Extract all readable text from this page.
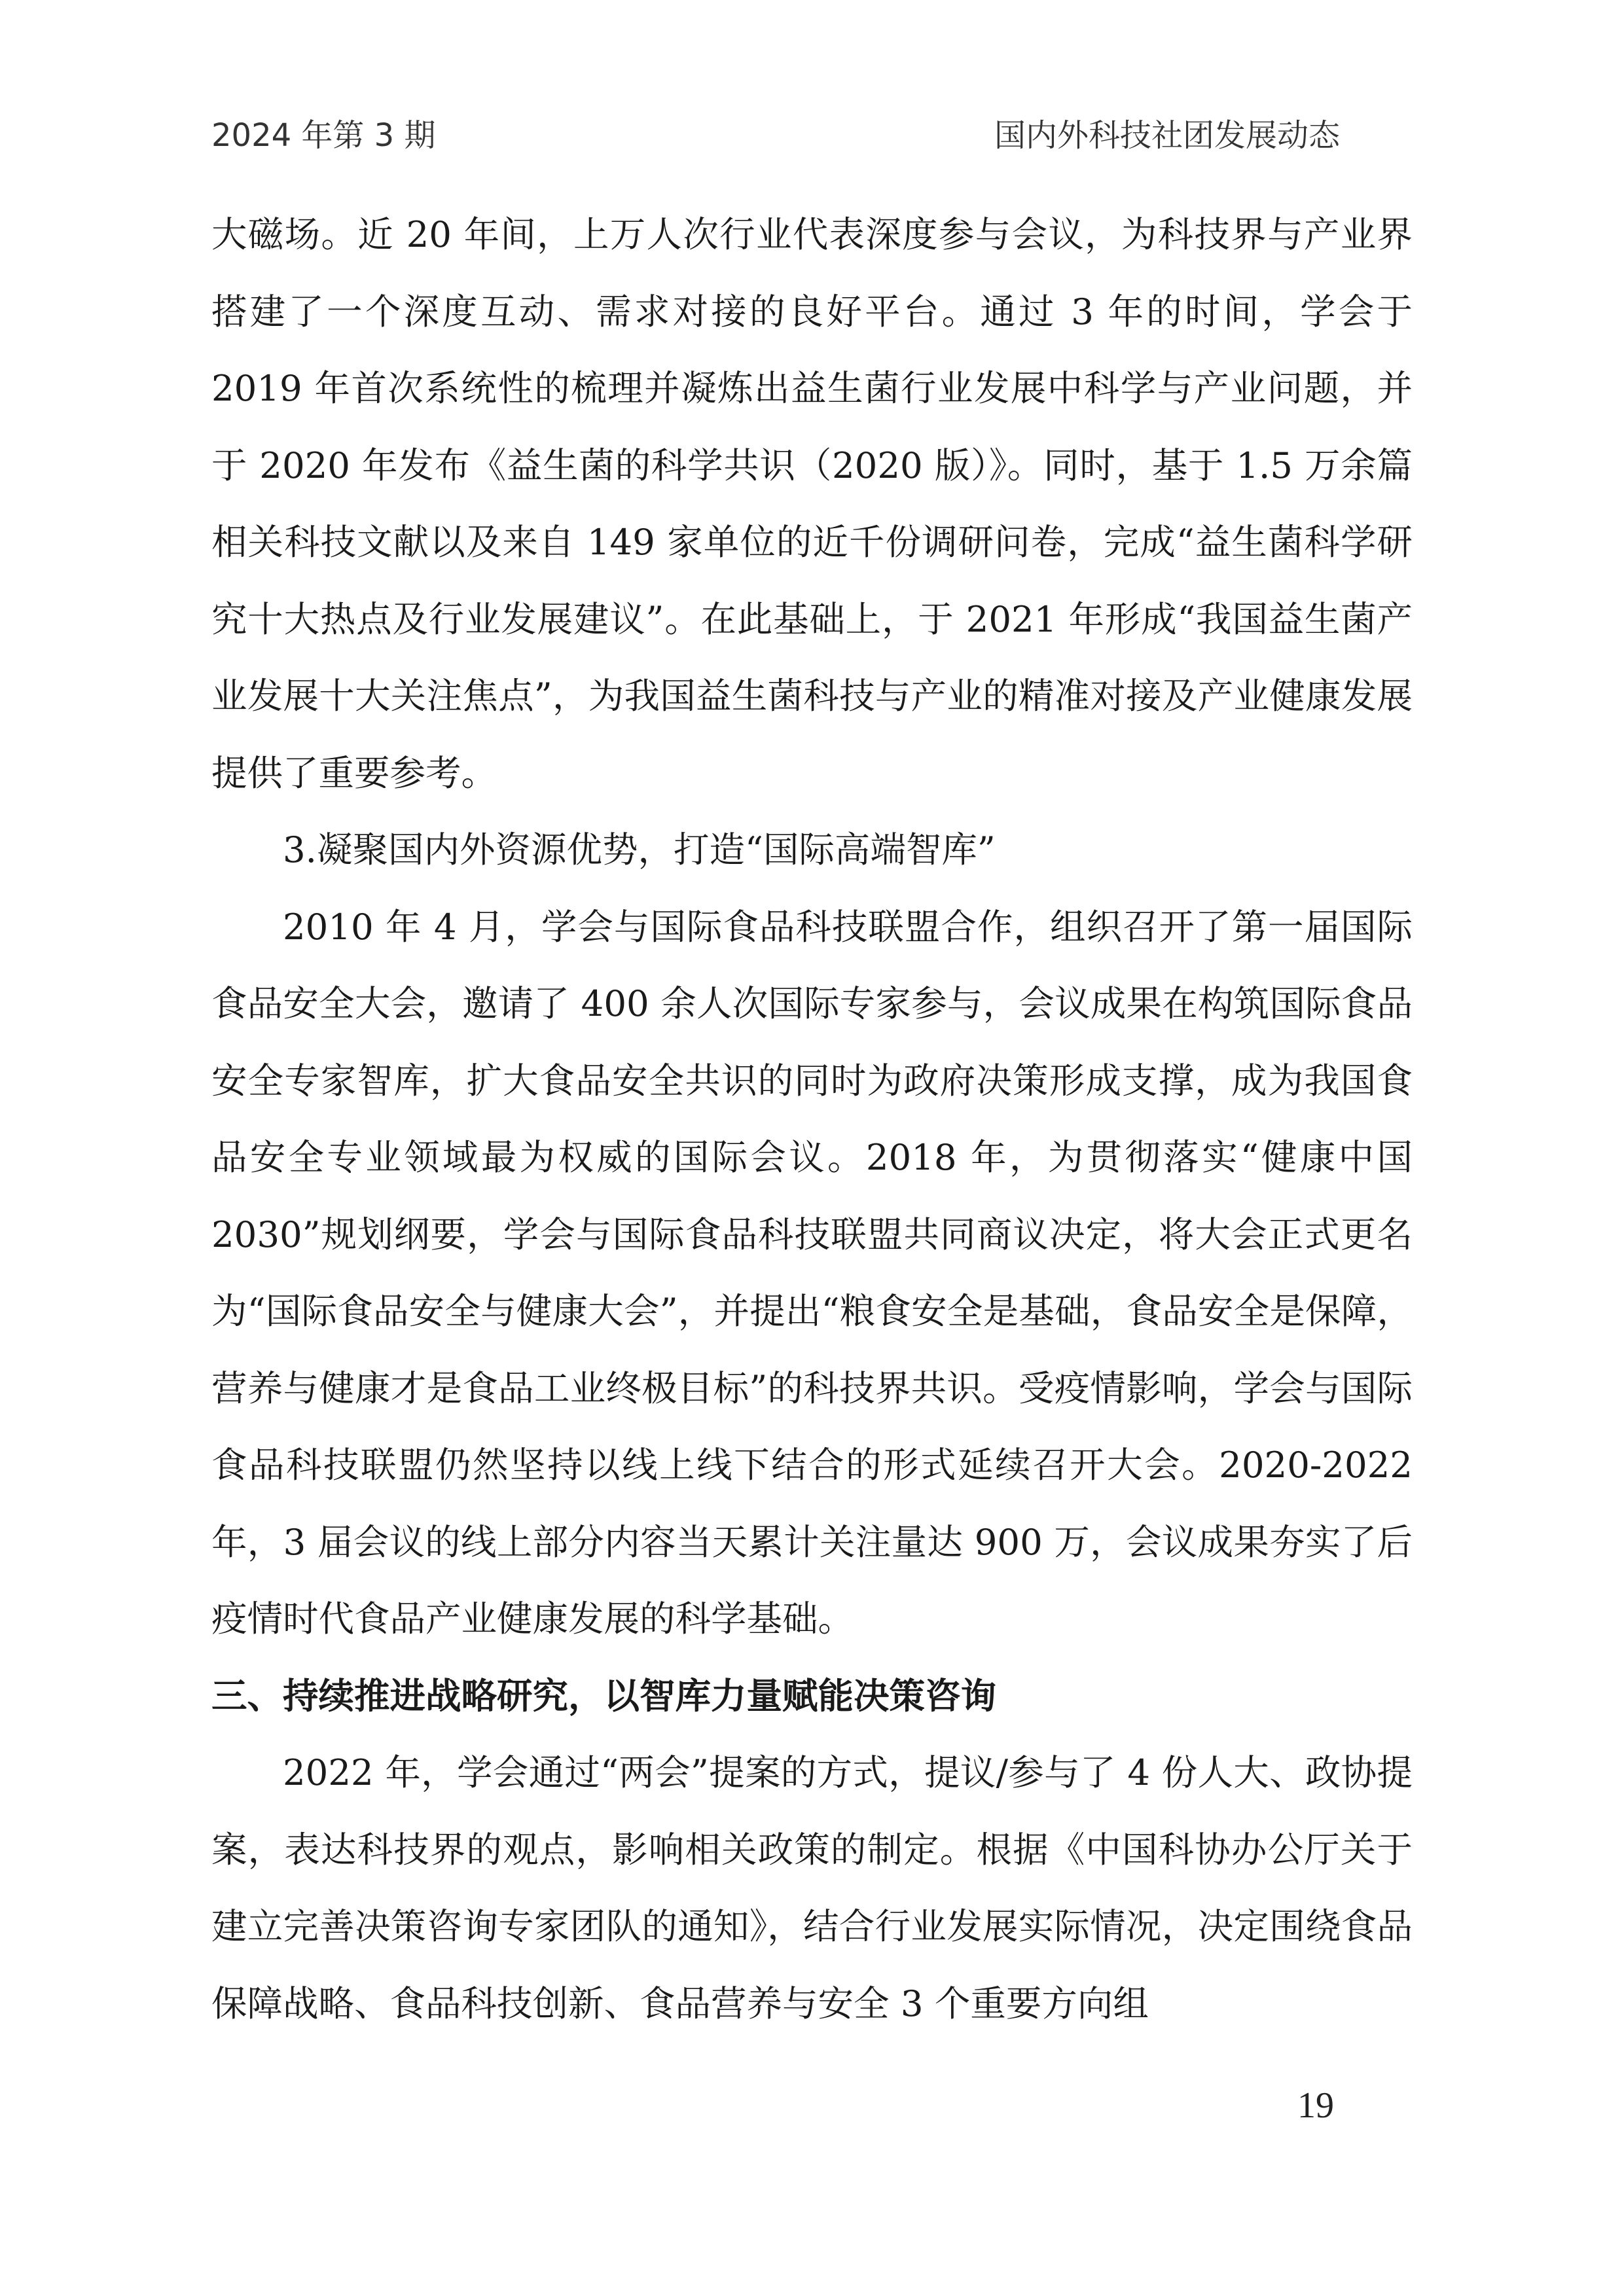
2024 年第 3 期	国内外科技社团发展动态

大磁场。近 20 年间，上万人次行业代表深度参与会议，为科技界与产业界搭建了一个深度互动、需求对接的良好平台。通过 3 年的时间，学会于 2019 年首次系统性的梳理并凝炼出益生菌行业发展中科学与产业问题，并于 2020 年发布《益生菌的科学共识（2020 版）》。同时，基于 1.5 万余篇相关科技文献以及来自 149 家单位的近千份调研问卷，完成“益生菌科学研究十大热点及行业发展建议”。在此基础上，于 2021 年形成“我国益生菌产业发展十大关注焦点”，为我国益生菌科技与产业的精准对接及产业健康发展提供了重要参考。

3.凝聚国内外资源优势，打造“国际高端智库”

2010 年 4 月，学会与国际食品科技联盟合作，组织召开了第一届国际食品安全大会，邀请了 400 余人次国际专家参与，会议成果在构筑国际食品安全专家智库，扩大食品安全共识的同时为政府决策形成支撑，成为我国食品安全专业领域最为权威的国际会议。2018 年，为贯彻落实“健康中国 2030”规划纲要，学会与国际食品科技联盟共同商议决定，将大会正式更名为“国际食品安全与健康大会”，并提出“粮食安全是基础，食品安全是保障，营养与健康才是食品工业终极目标”的科技界共识。受疫情影响，学会与国际食品科技联盟仍然坚持以线上线下结合的形式延续召开大会。2020-2022 年，3 届会议的线上部分内容当天累计关注量达 900 万，会议成果夯实了后疫情时代食品产业健康发展的科学基础。

三、持续推进战略研究，以智库力量赋能决策咨询

2022 年，学会通过“两会”提案的方式，提议/参与了 4 份人大、政协提案，表达科技界的观点，影响相关政策的制定。根据《中国科协办公厅关于建立完善决策咨询专家团队的通知》，结合行业发展实际情况，决定围绕食品保障战略、食品科技创新、食品营养与安全 3 个重要方向组

19
